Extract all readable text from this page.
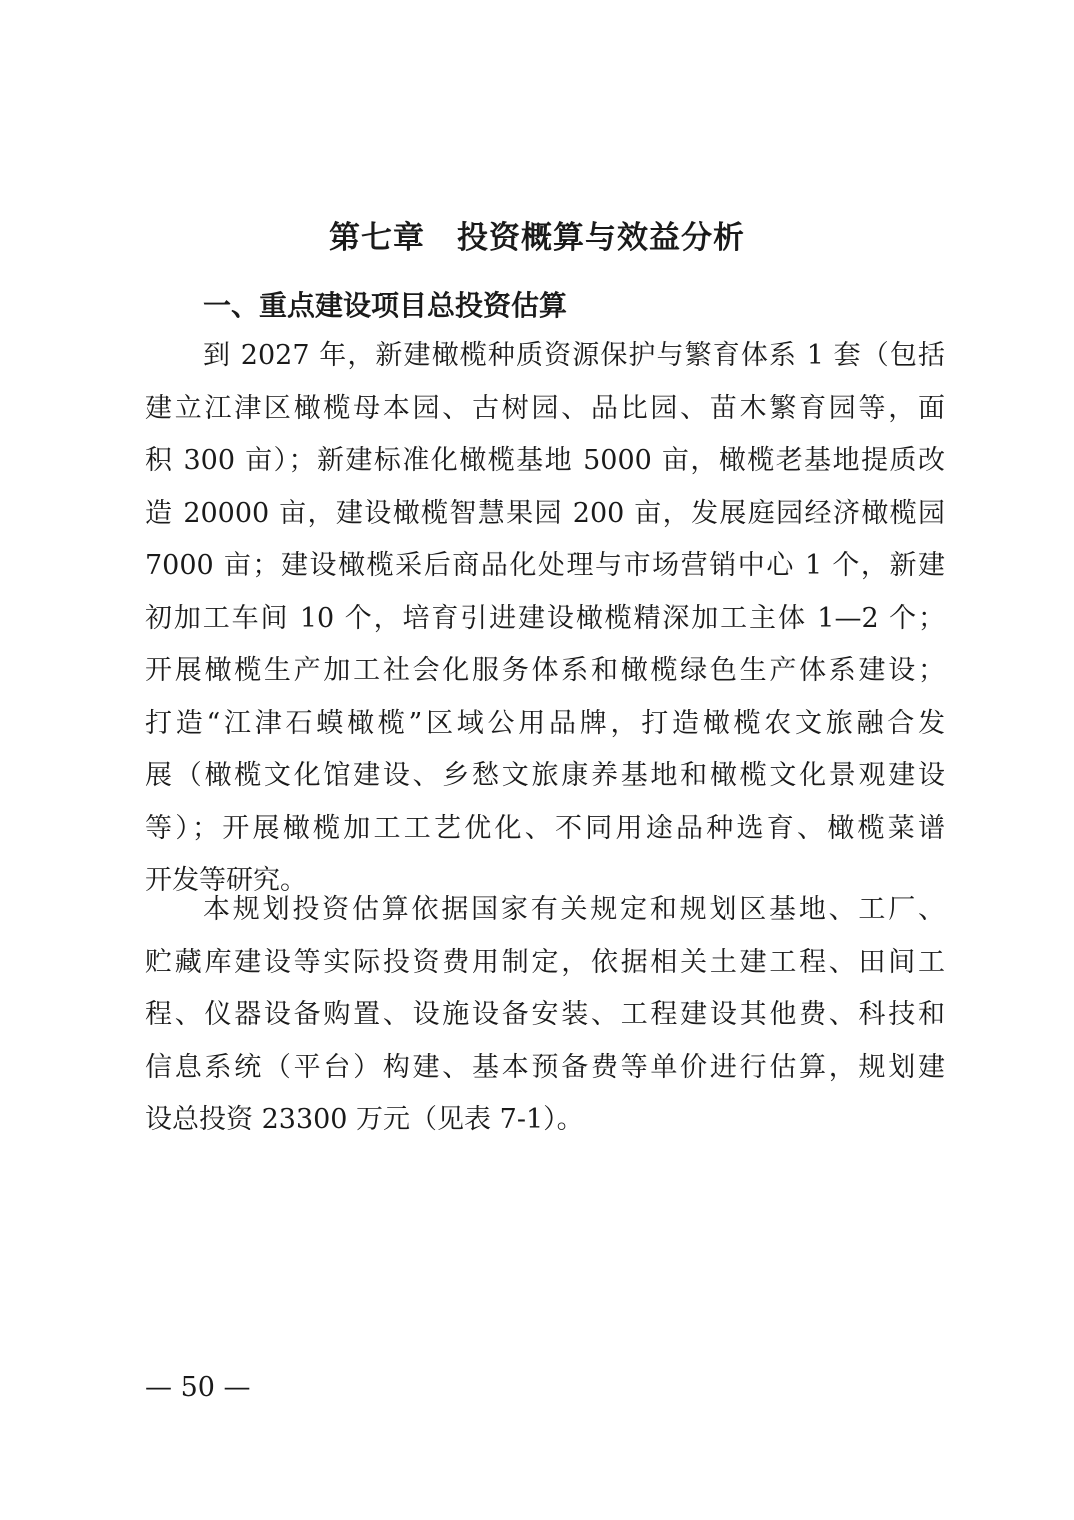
第七章　投资概算与效益分析
一、重点建设项目总投资估算
到 2027 年，新建橄榄种质资源保护与繁育体系 1 套（包括
建立江津区橄榄母本园、古树园、品比园、苗木繁育园等，面
积 300 亩）；新建标准化橄榄基地 5000 亩，橄榄老基地提质改
造 20000 亩，建设橄榄智慧果园 200 亩，发展庭园经济橄榄园
7000 亩；建设橄榄采后商品化处理与市场营销中心 1 个，新建
初加工车间 10 个，培育引进建设橄榄精深加工主体 1—2 个；
开展橄榄生产加工社会化服务体系和橄榄绿色生产体系建设；
打造“江津石蟆橄榄”区域公用品牌，打造橄榄农文旅融合发
展（橄榄文化馆建设、乡愁文旅康养基地和橄榄文化景观建设
等）；开展橄榄加工工艺优化、不同用途品种选育、橄榄菜谱
开发等研究。
本规划投资估算依据国家有关规定和规划区基地、工厂、
贮藏库建设等实际投资费用制定，依据相关土建工程、田间工
程、仪器设备购置、设施设备安装、工程建设其他费、科技和
信息系统（平台）构建、基本预备费等单价进行估算，规划建
设总投资 23300 万元（见表 7-1）。
— 50 —
